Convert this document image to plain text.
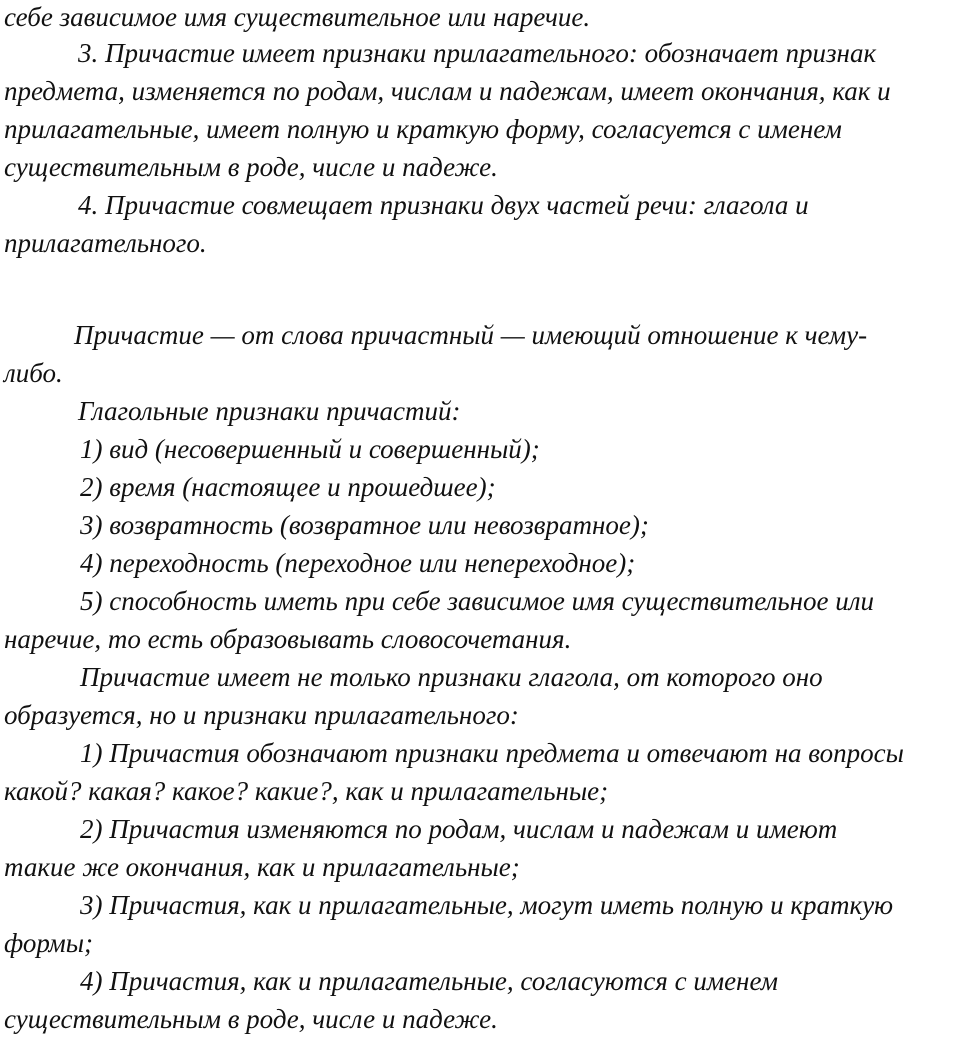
себе зависимое имя существительное или наречие.
3. Причастие имеет признаки прилагательного: обозначает признак
предмета, изменяется по родам, числам и падежам, имеет окончания, как и
прилагательные, имеет полную и краткую форму, согласуется с именем
существительным в роде, числе и падеже.
4. Причастие совмещает признаки двух частей речи: глагола и
прилагательного.
Причастие — от слова причастный — имеющий отношение к чему-
либо.
Глагольные признаки причастий:
1) вид (несовершенный и совершенный);
2) время (настоящее и прошедшее);
3) возвратность (возвратное или невозвратное);
4) переходность (переходное или непереходное);
5) способность иметь при себе зависимое имя существительное или
наречие, то есть образовывать словосочетания.
Причастие имеет не только признаки глагола, от которого оно
образуется, но и признаки прилагательного:
1) Причастия обозначают признаки предмета и отвечают на вопросы
какой? какая? какое? какие?, как и прилагательные;
2) Причастия изменяются по родам, числам и падежам и имеют
такие же окончания, как и прилагательные;
3) Причастия, как и прилагательные, могут иметь полную и краткую
формы;
4) Причастия, как и прилагательные, согласуются с именем
существительным в роде, числе и падеже.
